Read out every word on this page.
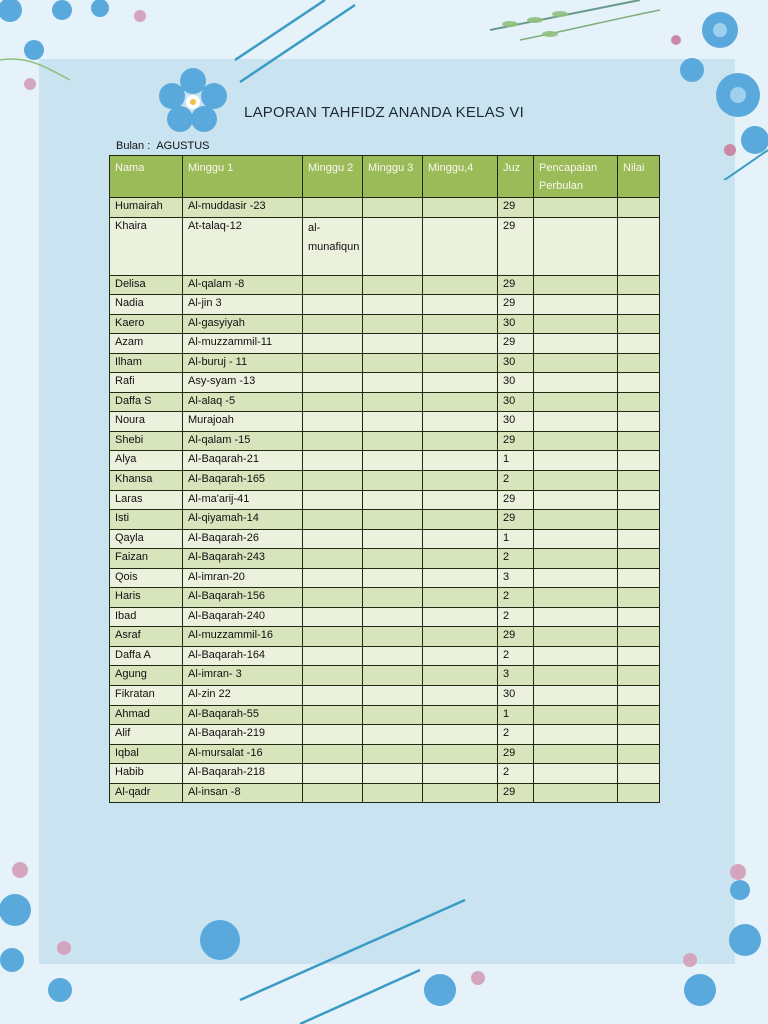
LAPORAN TAHFIDZ ANANDA KELAS VI
Bulan : AGUSTUS
Nama	Minggu 1	Minggu 2	Minggu 3	Minggu,4	Juz	Pencapaian Perbulan	Nilai
Humairah	Al-muddasir -23				29		
Khaira	At-talaq-12	al-munafiqun			29		
Delisa	Al-qalam -8				29		
Nadia	Al-jin 3				29		
Kaero	Al-gasyiyah				30		
Azam	Al-muzzammil-11				29		
Ilham	Al-buruj - 11				30		
Rafi	Asy-syam -13				30		
Daffa S	Al-alaq -5				30		
Noura	Murajoah				30		
Shebi	Al-qalam -15				29		
Alya	Al-Baqarah-21				1		
Khansa	Al-Baqarah-165				2		
Laras	Al-ma'arij-41				29		
Isti	Al-qiyamah-14				29		
Qayla	Al-Baqarah-26				1		
Faizan	Al-Baqarah-243				2		
Qois	Al-imran-20				3		
Haris	Al-Baqarah-156				2		
Ibad	Al-Baqarah-240				2		
Asraf	Al-muzzammil-16				29		
Daffa A	Al-Baqarah-164				2		
Agung	Al-imran- 3				3		
Fikratan	Al-zin 22				30		
Ahmad	Al-Baqarah-55				1		
Alif	Al-Baqarah-219				2		
Iqbal	Al-mursalat -16				29		
Habib	Al-Baqarah-218				2		
Al-qadr	Al-insan -8				29		
